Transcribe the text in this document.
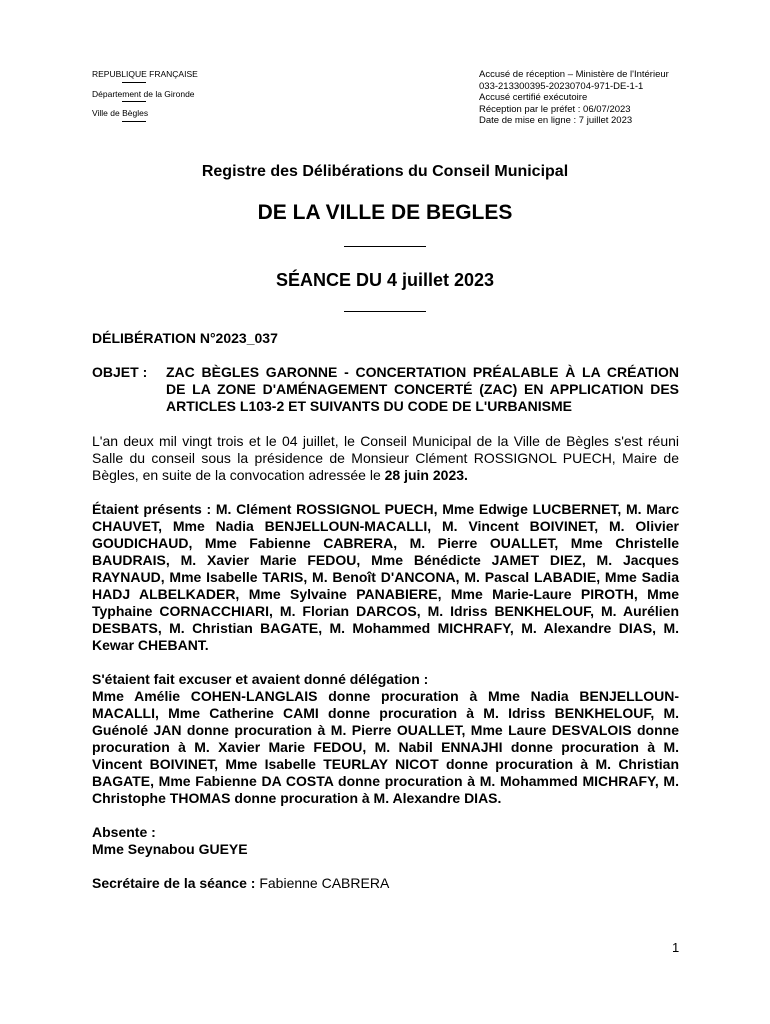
REPUBLIQUE FRANÇAISE
Département de la Gironde
Ville de Bègles
Accusé de réception – Ministère de l'Intérieur
033-213300395-20230704-971-DE-1-1
Accusé certifié exécutoire
Réception par le préfet : 06/07/2023
Date de mise en ligne : 7 juillet 2023
Registre des Délibérations du Conseil Municipal
DE LA VILLE DE BEGLES
SÉANCE DU 4 juillet 2023
DÉLIBÉRATION N°2023_037
OBJET :	ZAC BÈGLES GARONNE - CONCERTATION PRÉALABLE À LA CRÉATION DE LA ZONE D'AMÉNAGEMENT CONCERTÉ (ZAC) EN APPLICATION DES ARTICLES L103-2 ET SUIVANTS DU CODE DE L'URBANISME

L'an deux mil vingt trois et le 04 juillet, le Conseil Municipal de la Ville de Bègles s'est réuni Salle du conseil sous la présidence de Monsieur Clément ROSSIGNOL PUECH, Maire de Bègles, en suite de la convocation adressée le 28 juin 2023.

Étaient présents : M. Clément ROSSIGNOL PUECH, Mme Edwige LUCBERNET, M. Marc CHAUVET, Mme Nadia BENJELLOUN-MACALLI, M. Vincent BOIVINET, M. Olivier GOUDICHAUD, Mme Fabienne CABRERA, M. Pierre OUALLET, Mme Christelle BAUDRAIS, M. Xavier Marie FEDOU, Mme Bénédicte JAMET DIEZ, M. Jacques RAYNAUD, Mme Isabelle TARIS, M. Benoît D'ANCONA, M. Pascal LABADIE, Mme Sadia HADJ ALBELKADER, Mme Sylvaine PANABIERE, Mme Marie-Laure PIROTH, Mme Typhaine CORNACCHIARI, M. Florian DARCOS, M. Idriss BENKHELOUF, M. Aurélien DESBATS, M. Christian BAGATE, M. Mohammed MICHRAFY, M. Alexandre DIAS, M. Kewar CHEBANT.

S'étaient fait excuser et avaient donné délégation :
Mme Amélie COHEN-LANGLAIS donne procuration à Mme Nadia BENJELLOUN-MACALLI, Mme Catherine CAMI donne procuration à M. Idriss BENKHELOUF, M. Guénolé JAN donne procuration à M. Pierre OUALLET, Mme Laure DESVALOIS donne procuration à M. Xavier Marie FEDOU, M. Nabil ENNAJHI donne procuration à M. Vincent BOIVINET, Mme Isabelle TEURLAY NICOT donne procuration à M. Christian BAGATE, Mme Fabienne DA COSTA donne procuration à M. Mohammed MICHRAFY, M. Christophe THOMAS donne procuration à M. Alexandre DIAS.

Absente :
Mme Seynabou GUEYE

Secrétaire de la séance : Fabienne CABRERA

1
